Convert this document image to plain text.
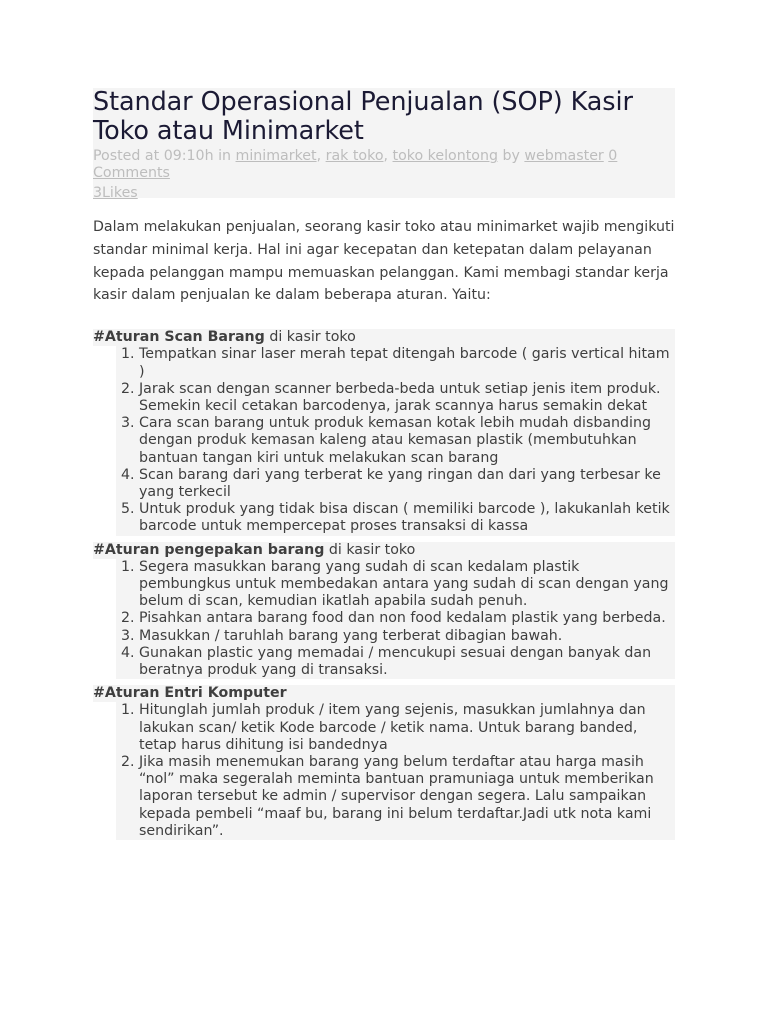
Standar Operasional Penjualan (SOP) Kasir Toko atau Minimarket
Posted at 09:10h in minimarket, rak toko, toko kelontong by webmaster 0 Comments
3Likes

Dalam melakukan penjualan, seorang kasir toko atau minimarket wajib mengikuti standar minimal kerja. Hal ini agar kecepatan dan ketepatan dalam pelayanan kepada pelanggan mampu memuaskan pelanggan. Kami membagi standar kerja kasir dalam penjualan ke dalam beberapa aturan. Yaitu:

#Aturan Scan Barang di kasir toko

1. Tempatkan sinar laser merah tepat ditengah barcode ( garis vertical hitam )
2. Jarak scan dengan scanner berbeda-beda untuk setiap jenis item produk. Semekin kecil cetakan barcodenya, jarak scannya harus semakin dekat
3. Cara scan barang untuk produk kemasan kotak lebih mudah disbanding dengan produk kemasan kaleng atau kemasan plastik (membutuhkan bantuan tangan kiri untuk melakukan scan barang
4. Scan barang dari yang terberat ke yang ringan dan dari yang terbesar ke yang terkecil
5. Untuk produk yang tidak bisa discan ( memiliki barcode ), lakukanlah ketik barcode untuk mempercepat proses transaksi di kassa

#Aturan pengepakan barang di kasir toko

1. Segera masukkan barang yang sudah di scan kedalam plastik pembungkus untuk membedakan antara yang sudah di scan dengan yang belum di scan, kemudian ikatlah apabila sudah penuh.
2. Pisahkan antara barang food dan non food kedalam plastik yang berbeda.
3. Masukkan / taruhlah barang yang terberat dibagian bawah.
4. Gunakan plastic yang memadai / mencukupi sesuai dengan banyak dan beratnya produk yang di transaksi.

#Aturan Entri Komputer

1. Hitunglah jumlah produk / item yang sejenis, masukkan jumlahnya dan lakukan scan/ ketik Kode barcode / ketik nama. Untuk barang banded, tetap harus dihitung isi bandednya
2. Jika masih menemukan barang yang belum terdaftar atau harga masih “nol” maka segeralah meminta bantuan pramuniaga untuk memberikan laporan tersebut ke admin / supervisor dengan segera. Lalu sampaikan kepada pembeli “maaf bu, barang ini belum terdaftar.Jadi utk nota kami sendirikan”.
